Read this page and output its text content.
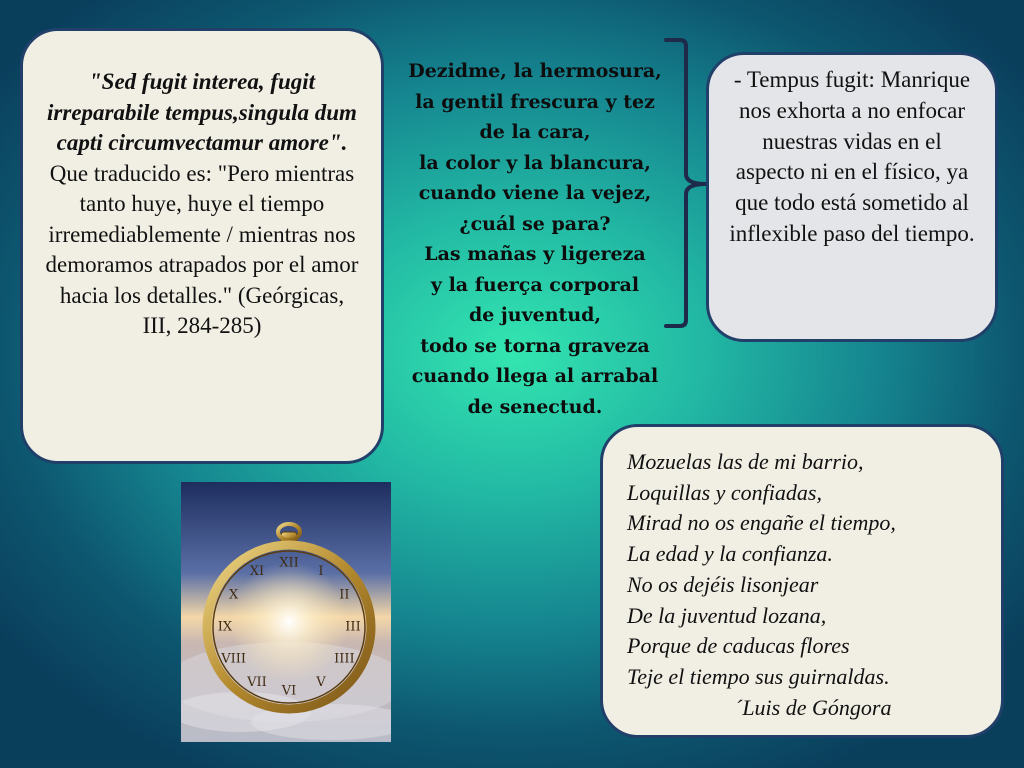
"Sed fugit interea, fugit irreparabile tempus,singula dum capti circumvectamur amore".
Que traducido es: "Pero mientras tanto huye, huye el tiempo irremediablemente / mientras nos demoramos atrapados por el amor hacia los detalles." (Geórgicas, III, 284-285)
Dezidme, la hermosura,
la gentil frescura y tez
de la cara,
la color y la blancura,
cuando viene la vejez,
¿cuál se para?
Las mañas y ligereza
y la fuerça corporal
de juventud,
todo se torna graveza
cuando llega al arrabal
de senectud.
- Tempus fugit: Manrique nos exhorta a no enfocar nuestras vidas en el aspecto ni en el físico, ya que todo está sometido al inflexible paso del tiempo.
Mozuelas las de mi barrio,
Loquillas y confiadas,
Mirad no os engañe el tiempo,
La edad y la confianza.
No os dejéis lisonjear
De la juventud lozana,
Porque de caducas flores
Teje el tiempo sus guirnaldas.
´Luis de Góngora
XII
I
II
III
IIII
V
VI
VII
VIII
IX
X
XI
